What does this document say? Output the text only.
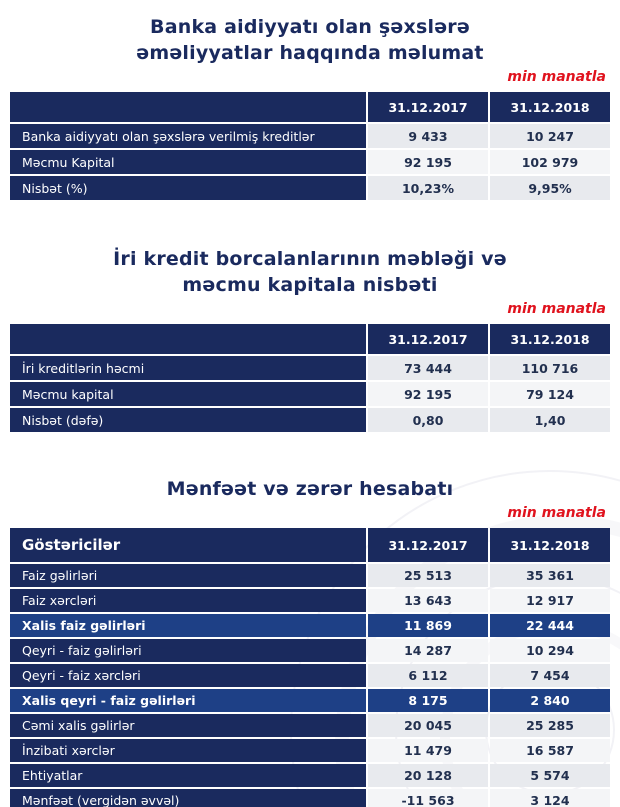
Banka aidiyyatı olan şəxslərə əməliyyatlar haqqında məlumat
min manatla
	31.12.2017	31.12.2018
Banka aidiyyatı olan şəxslərə verilmiş kreditlər	9 433	10 247
Məcmu Kapital	92 195	102 979
Nisbət (%)	10,23%	9,95%
İri kredit borcalanlarının məbləği və məcmu kapitala nisbəti
min manatla
	31.12.2017	31.12.2018
İri kreditlərin həcmi	73 444	110 716
Məcmu kapital	92 195	79 124
Nisbət (dəfə)	0,80	1,40
Mənfəət və zərər hesabatı
min manatla
Göstəricilər	31.12.2017	31.12.2018
Faiz gəlirləri	25 513	35 361
Faiz xərcləri	13 643	12 917
Xalis faiz gəlirləri	11 869	22 444
Qeyri - faiz gəlirləri	14 287	10 294
Qeyri - faiz xərcləri	6 112	7 454
Xalis qeyri - faiz gəlirləri	8 175	2 840
Cəmi xalis gəlirlər	20 045	25 285
İnzibati xərclər	11 479	16 587
Ehtiyatlar	20 128	5 574
Mənfəət (vergidən əvvəl)	-11 563	3 124
